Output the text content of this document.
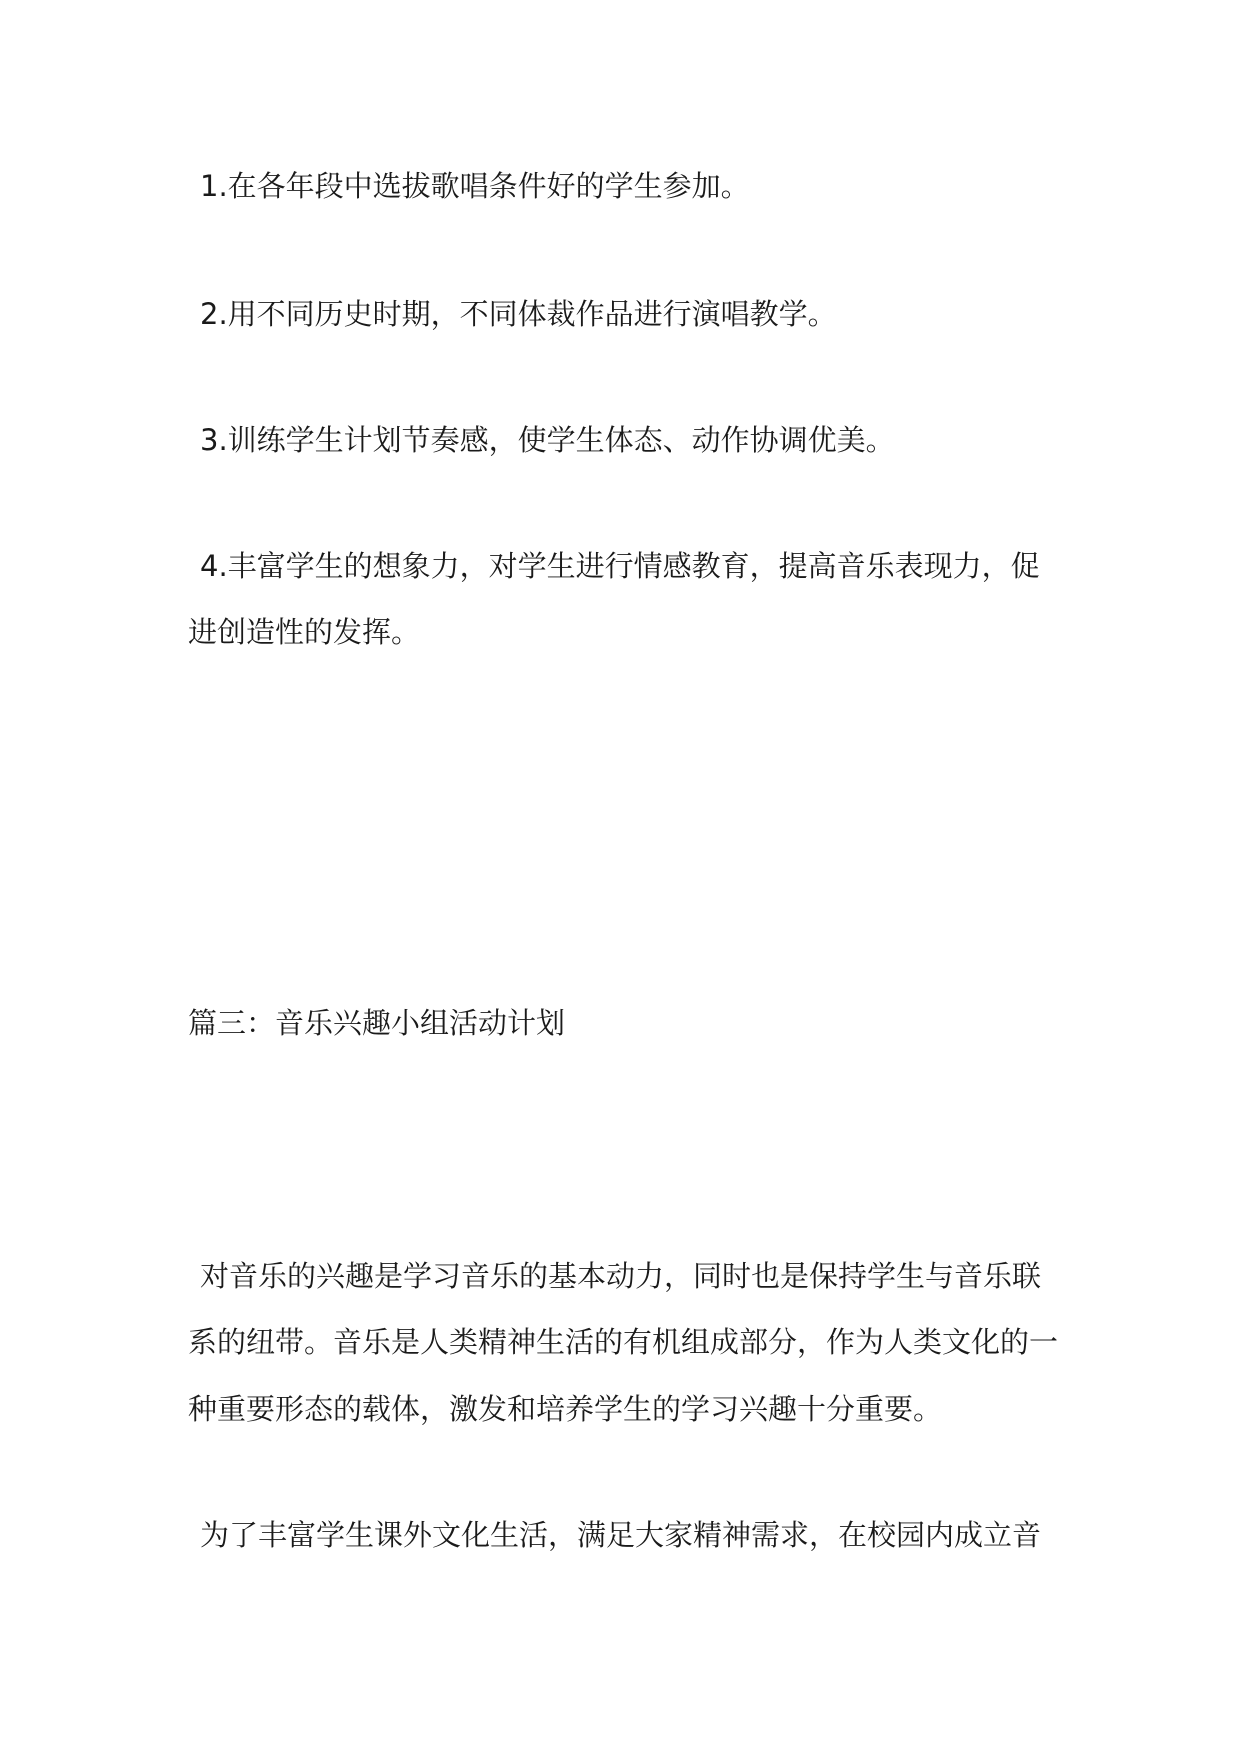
1.在各年段中选拔歌唱条件好的学生参加。
2.用不同历史时期，不同体裁作品进行演唱教学。
3.训练学生计划节奏感，使学生体态、动作协调优美。
4.丰富学生的想象力，对学生进行情感教育，提高音乐表现力，促
进创造性的发挥。
篇三：音乐兴趣小组活动计划
对音乐的兴趣是学习音乐的基本动力，同时也是保持学生与音乐联
系的纽带。音乐是人类精神生活的有机组成部分，作为人类文化的一
种重要形态的载体，激发和培养学生的学习兴趣十分重要。
为了丰富学生课外文化生活，满足大家精神需求，在校园内成立音
